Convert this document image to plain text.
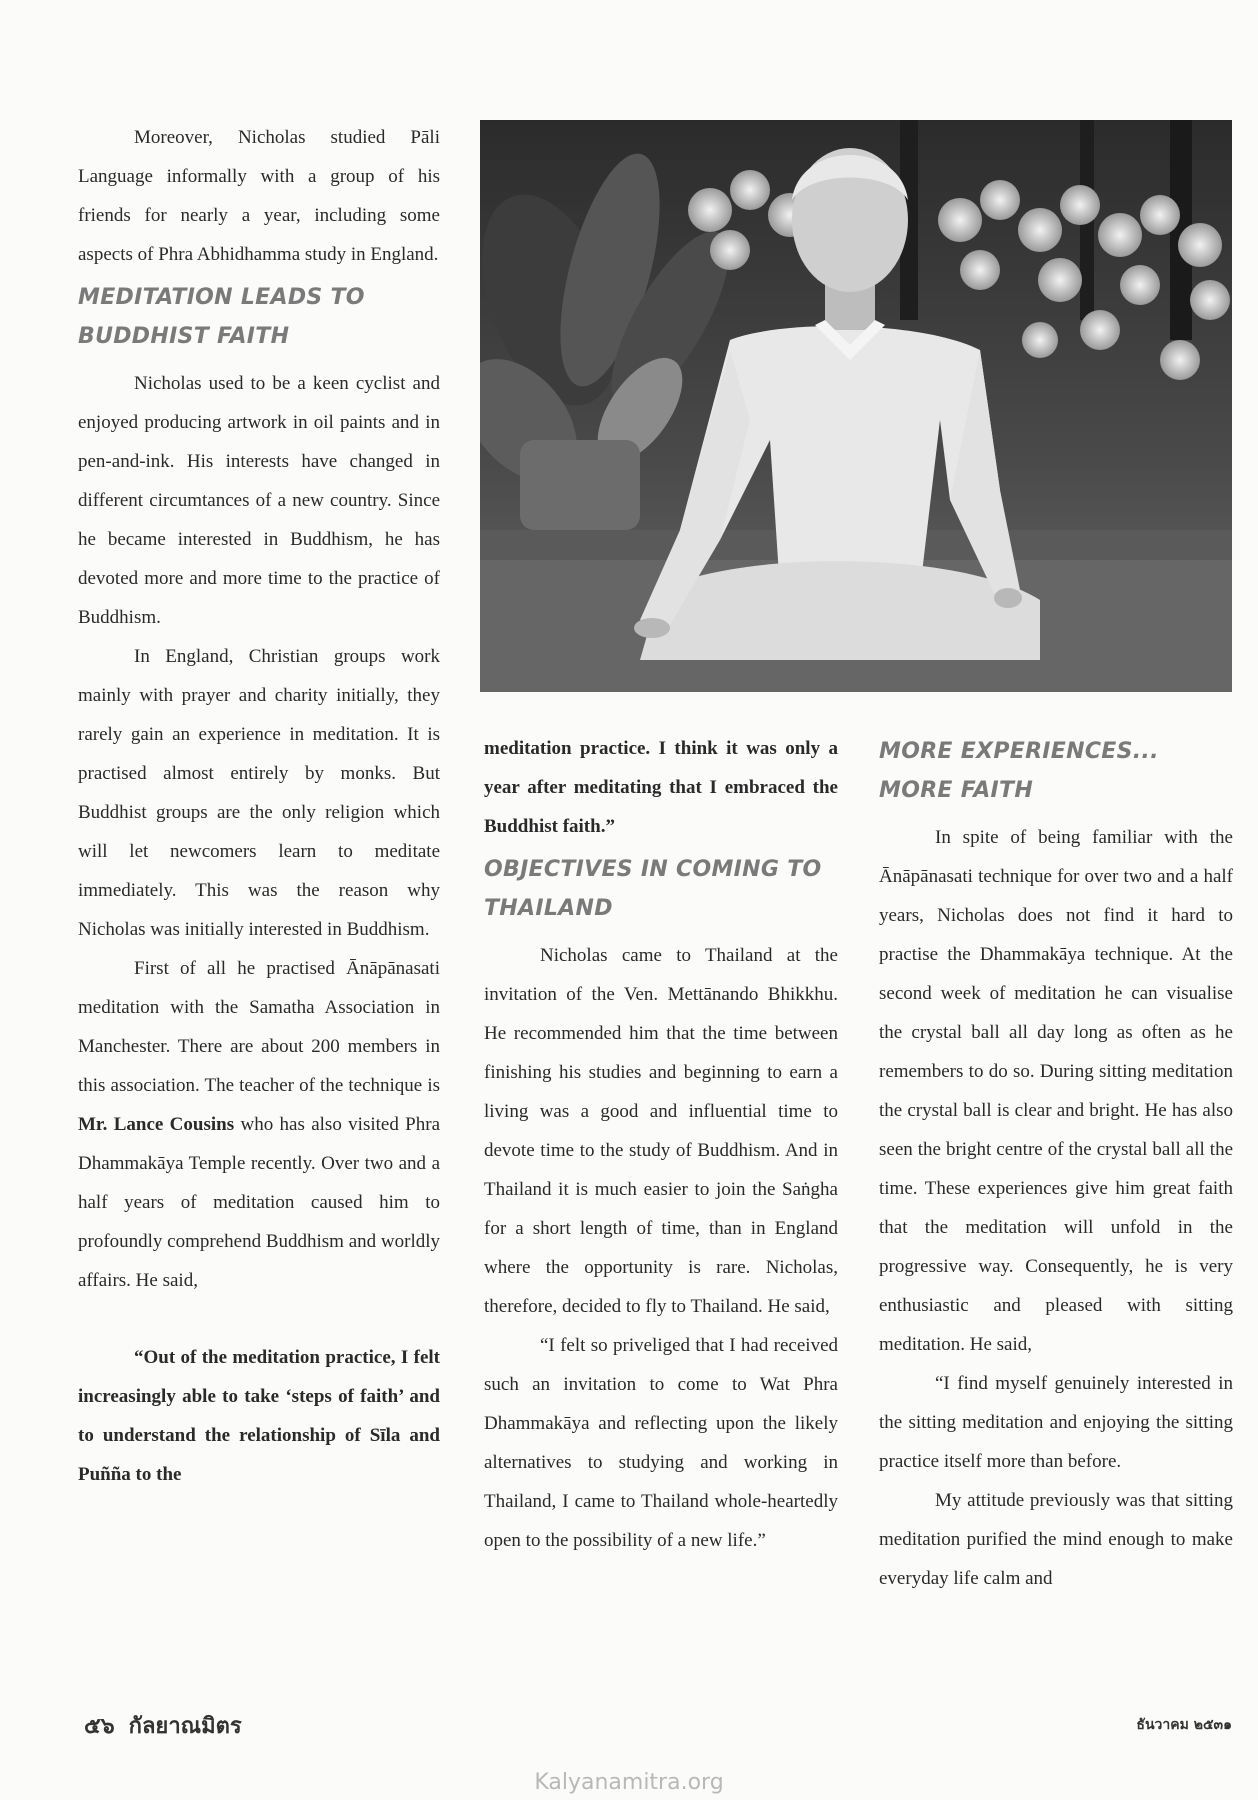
Moreover, Nicholas studied Pāli Language informally with a group of his friends for nearly a year, including some aspects of Phra Abhidhamma study in England.

MEDITATION LEADS TO BUDDHIST FAITH

Nicholas used to be a keen cyclist and enjoyed producing artwork in oil paints and in pen-and-ink. His interests have changed in different circumtances of a new country. Since he became interested in Buddhism, he has devoted more and more time to the practice of Buddhism.

In England, Christian groups work mainly with prayer and charity initially, they rarely gain an experience in meditation. It is practised almost entirely by monks. But Buddhist groups are the only religion which will let newcomers learn to meditate immediately. This was the reason why Nicholas was initially interested in Buddhism.

First of all he practised Ānāpānasati meditation with the Samatha Association in Manchester. There are about 200 members in this association. The teacher of the technique is Mr. Lance Cousins who has also visited Phra Dhammakāya Temple recently. Over two and a half years of meditation caused him to profoundly comprehend Buddhism and worldly affairs. He said,

“Out of the meditation practice, I felt increasingly able to take ‘steps of faith’ and to understand the relationship of Sīla and Puñña to the

meditation practice. I think it was only a year after meditating that I embraced the Buddhist faith.”

OBJECTIVES IN COMING TO THAILAND

Nicholas came to Thailand at the invitation of the Ven. Mettānando Bhikkhu. He recommended him that the time between finishing his studies and beginning to earn a living was a good and influential time to devote time to the study of Buddhism. And in Thailand it is much easier to join the Saṅgha for a short length of time, than in England where the opportunity is rare. Nicholas, therefore, decided to fly to Thailand. He said,

“I felt so priveliged that I had received such an invitation to come to Wat Phra Dhammakāya and reflecting upon the likely alternatives to studying and working in Thailand, I came to Thailand whole-heartedly open to the possibility of a new life.”

MORE EXPERIENCES... MORE FAITH

In spite of being familiar with the Ānāpānasati technique for over two and a half years, Nicholas does not find it hard to practise the Dhammakāya technique. At the second week of meditation he can visualise the crystal ball all day long as often as he remembers to do so. During sitting meditation the crystal ball is clear and bright. He has also seen the bright centre of the crystal ball all the time. These experiences give him great faith that the meditation will unfold in the progressive way. Consequently, he is very enthusiastic and pleased with sitting meditation. He said,

“I find myself genuinely interested in the sitting meditation and enjoying the sitting practice itself more than before.

My attitude previously was that sitting meditation purified the mind enough to make everyday life calm and

๕๖ กัลยาณมิตร	ธันวาคม ๒๕๓๑
Kalyanamitra.org
